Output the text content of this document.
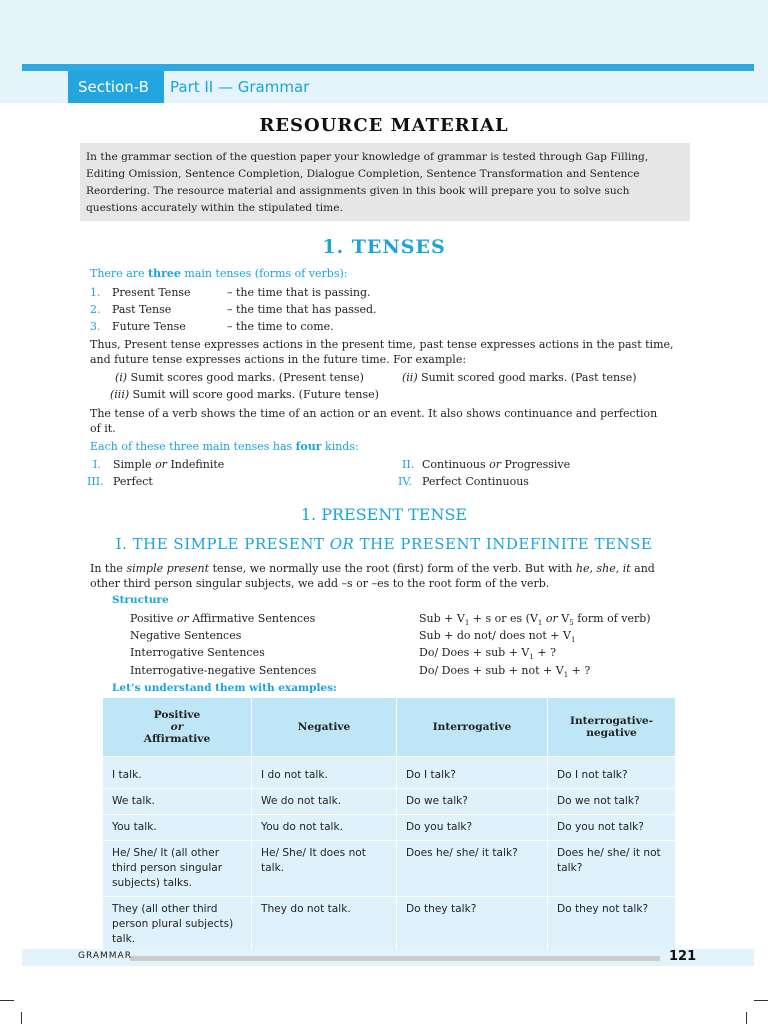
Section-B	Part II — Grammar
RESOURCE MATERIAL

In the grammar section of the question paper your knowledge of grammar is tested through Gap Filling, Editing Omission, Sentence Completion, Dialogue Completion, Sentence Transformation and Sentence Reordering. The resource material and assignments given in this book will prepare you to solve such questions accurately within the stipulated time.

1. TENSES
There are three main tenses (forms of verbs):
1. Present Tense	– the time that is passing.
2. Past Tense	– the time that has passed.
3. Future Tense	– the time to come.
Thus, Present tense expresses actions in the present time, past tense expresses actions in the past time,
and future tense expresses actions in the future time. For example:
(i) Sumit scores good marks. (Present tense)	(ii) Sumit scored good marks. (Past tense)
(iii) Sumit will score good marks. (Future tense)
The tense of a verb shows the time of an action or an event. It also shows continuance and perfection
of it.
Each of these three main tenses has four kinds:
I. Simple or Indefinite	II. Continuous or Progressive
III. Perfect	IV. Perfect Continuous
1. PRESENT TENSE
I. THE SIMPLE PRESENT OR THE PRESENT INDEFINITE TENSE
In the simple present tense, we normally use the root (first) form of the verb. But with he, she, it and
other third person singular subjects, we add –s or –es to the root form of the verb.
Structure
Positive or Affirmative Sentences	Sub + $V_1 + s$ or es ($V_1$ or $V_5$ form of verb)
Negative Sentences	Sub + do not/ does not + $V_1$
Interrogative Sentences	Do/ Does + sub + $V_1$ + ?
Interrogative-negative Sentences	Do/ Does + sub + not + $V_1$ + ?
Let’s understand them with examples:
Positive
or
Affirmative	Negative	Interrogative	Interrogative-
negative
I talk.	I do not talk.	Do I talk?	Do I not talk?
We talk.	We do not talk.	Do we talk?	Do we not talk?
You talk.	You do not talk.	Do you talk?	Do you not talk?
He/ She/ It (all other third person singular subjects) talks.	He/ She/ It does not talk.	Does he/ she/ it talk?	Does he/ she/ it not talk?
They (all other third person plural subjects) talk.	They do not talk.	Do they talk?	Do they not talk?
GRAMMAR	121
